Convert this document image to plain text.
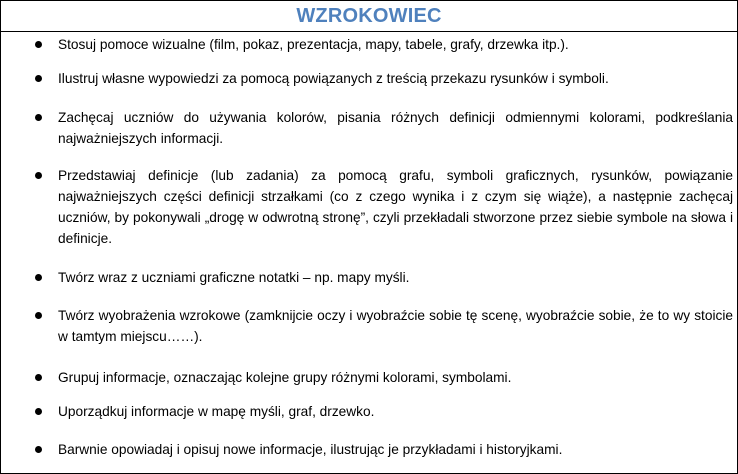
WZROKOWIEC
Stosuj pomoce wizualne (film, pokaz, prezentacja, mapy, tabele, grafy, drzewka itp.).
Ilustruj własne wypowiedzi za pomocą powiązanych z treścią przekazu rysunków i symboli.
Zachęcaj uczniów do używania kolorów, pisania różnych definicji odmiennymi kolorami, podkreślania najważniejszych informacji.
Przedstawiaj definicje (lub zadania) za pomocą grafu, symboli graficznych, rysunków, powiązanie najważniejszych części definicji strzałkami (co z czego wynika i z czym się wiąże), a następnie zachęcaj uczniów, by pokonywali „drogę w odwrotną stronę”, czyli przekładali stworzone przez siebie symbole na słowa i definicje.
Twórz wraz z uczniami graficzne notatki – np. mapy myśli.
Twórz wyobrażenia wzrokowe (zamknijcie oczy i wyobraźcie sobie tę scenę, wyobraźcie sobie, że to wy stoicie w tamtym miejscu……).
Grupuj informacje, oznaczając kolejne grupy różnymi kolorami, symbolami.
Uporządkuj informacje w mapę myśli, graf, drzewko.
Barwnie opowiadaj i opisuj nowe informacje, ilustrując je przykładami i historyjkami.
